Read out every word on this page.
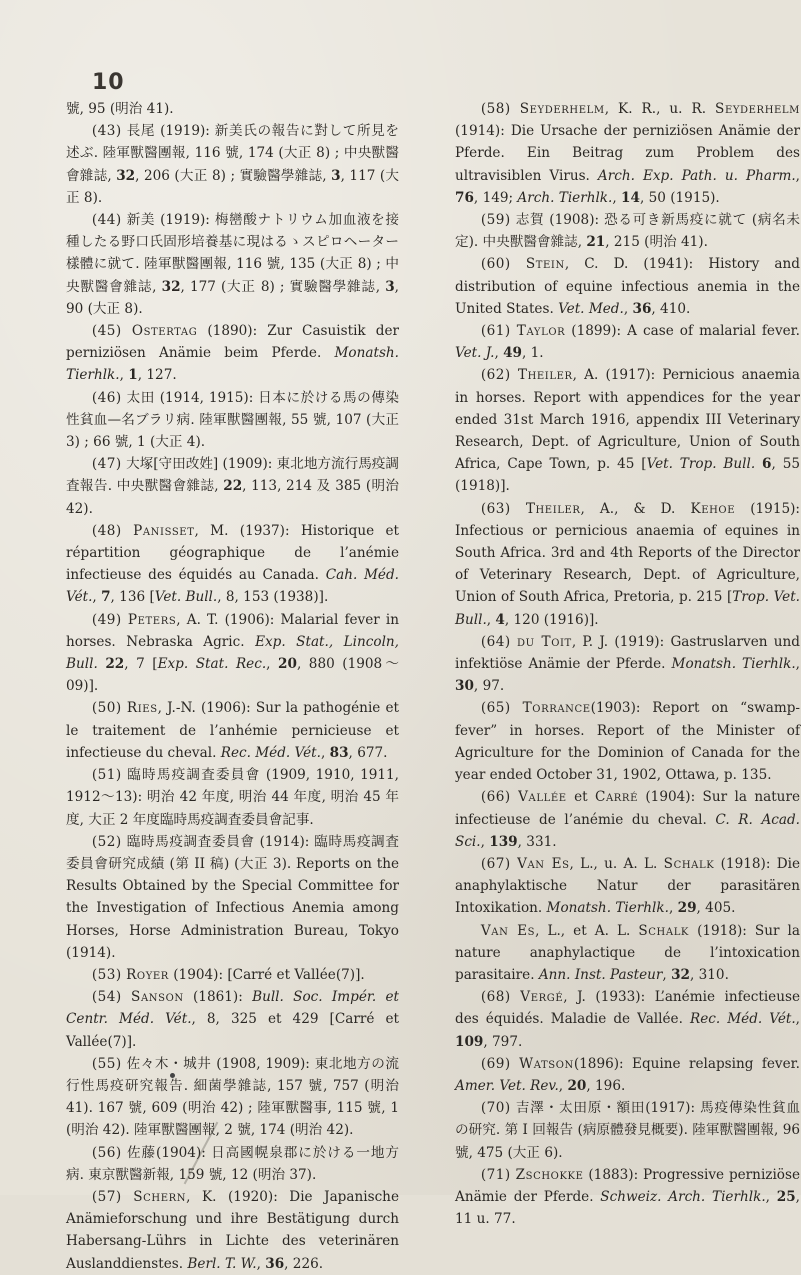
10

號, 95 (明治 41).

(43) 長尾 (1919): 新美氏の報告に對して所見を述ぶ. 陸軍獸醫團報, 116 號, 174 (大正 8) ; 中央獸醫會雜誌, 32, 206 (大正 8) ; 實驗醫學雜誌, 3, 117 (大正 8).

(44) 新美 (1919): 梅巒酸ナトリウム加血液を接種したる野口氏固形培養基に現はるゝスピロヘーター樣體に就て. 陸軍獸醫團報, 116 號, 135 (大正 8) ; 中央獸醫會雜誌, 32, 177 (大正 8) ; 實驗醫學雜誌, 3, 90 (大正 8).

(45) Ostertag (1890): Zur Casuistik der perniziösen Anämie beim Pferde. Monatsh. Tierhlk., 1, 127.

(46) 太田 (1914, 1915): 日本に於ける馬の傳染性貧血—名ブラリ病. 陸軍獸醫團報, 55 號, 107 (大正 3) ; 66 號, 1 (大正 4).

(47) 大塚[守田改姓] (1909): 東北地方流行馬疫調査報告. 中央獸醫會雜誌, 22, 113, 214 及 385 (明治 42).

(48) Panisset, M. (1937): Historique et répartition géographique de l’anémie infectieuse des équidés au Canada. Cah. Méd. Vét., 7, 136 [Vet. Bull., 8, 153 (1938)].

(49) Peters, A. T. (1906): Malarial fever in horses. Nebraska Agric. Exp. Stat., Lincoln, Bull. 22, 7 [Exp. Stat. Rec., 20, 880 (1908〜09)].

(50) Ries, J.-N. (1906): Sur la pathogénie et le traitement de l’anhémie pernicieuse et infectieuse du cheval. Rec. Méd. Vét., 83, 677.

(51) 臨時馬疫調査委員會 (1909, 1910, 1911, 1912〜13): 明治 42 年度, 明治 44 年度, 明治 45 年度, 大正 2 年度臨時馬疫調査委員會記事.

(52) 臨時馬疫調査委員會 (1914): 臨時馬疫調査委員會研究成績 (第 II 稿) (大正 3). Reports on the Results Obtained by the Special Committee for the Investigation of Infectious Anemia among Horses, Horse Administration Bureau, Tokyo (1914).

(53) Royer (1904): [Carré et Vallée(7)].

(54) Sanson (1861): Bull. Soc. Impér. et Centr. Méd. Vét., 8, 325 et 429 [Carré et Vallée(7)].

(55) 佐々木・城井 (1908, 1909): 東北地方の流行性馬疫研究報告. 細菌學雜誌, 157 號, 757 (明治 41). 167 號, 609 (明治 42) ; 陸軍獸醫事, 115 號, 1 (明治 42). 陸軍獸醫團報, 2 號, 174 (明治 42).

(56) 佐藤(1904): 日高國幌泉郡に於ける一地方病. 東京獸醫新報, 159 號, 12 (明治 37).

(57) Schern, K. (1920): Die Japanische Anämieforschung und ihre Bestätigung durch Habersang-Lührs in Lichte des veterinären Auslanddienstes. Berl. T. W., 36, 226.

(58) Seyderhelm, K. R., u. R. Seyderhelm (1914): Die Ursache der perniziösen Anämie der Pferde. Ein Beitrag zum Problem des ultravisiblen Virus. Arch. Exp. Path. u. Pharm., 76, 149; Arch. Tierhlk., 14, 50 (1915).

(59) 志賀 (1908): 恐る可き新馬疫に就て (病名未定). 中央獸醫會雜誌, 21, 215 (明治 41).

(60) Stein, C. D. (1941): History and distribution of equine infectious anemia in the United States. Vet. Med., 36, 410.

(61) Taylor (1899): A case of malarial fever. Vet. J., 49, 1.

(62) Theiler, A. (1917): Pernicious anaemia in horses. Report with appendices for the year ended 31st March 1916, appendix III Veterinary Research, Dept. of Agriculture, Union of South Africa, Cape Town, p. 45 [Vet. Trop. Bull. 6, 55 (1918)].

(63) Theiler, A., & D. Kehoe (1915): Infectious or pernicious anaemia of equines in South Africa. 3rd and 4th Reports of the Director of Veterinary Research, Dept. of Agriculture, Union of South Africa, Pretoria, p. 215 [Trop. Vet. Bull., 4, 120 (1916)].

(64) du Toit, P. J. (1919): Gastruslarven und infektiöse Anämie der Pferde. Monatsh. Tierhlk., 30, 97.

(65) Torrance(1903): Report on “swamp-fever” in horses. Report of the Minister of Agriculture for the Dominion of Canada for the year ended October 31, 1902, Ottawa, p. 135.

(66) Vallée et Carré (1904): Sur la nature infectieuse de l’anémie du cheval. C. R. Acad. Sci., 139, 331.

(67) Van Es, L., u. A. L. Schalk (1918): Die anaphylaktische Natur der parasitären Intoxikation. Monatsh. Tierhlk., 29, 405.

Van Es, L., et A. L. Schalk (1918): Sur la nature anaphylactique de l’intoxication parasitaire. Ann. Inst. Pasteur, 32, 310.

(68) Vergé, J. (1933): L’anémie infectieuse des équidés. Maladie de Vallée. Rec. Méd. Vét., 109, 797.

(69) Watson(1896): Equine relapsing fever. Amer. Vet. Rev., 20, 196.

(70) 吉澤・太田原・額田(1917): 馬疫傳染性貧血の研究. 第 I 回報告 (病原體發見概要). 陸軍獸醫團報, 96 號, 475 (大正 6).

(71) Zschokke (1883): Progressive perniziöse Anämie der Pferde. Schweiz. Arch. Tierhlk., 25, 11 u. 77.
